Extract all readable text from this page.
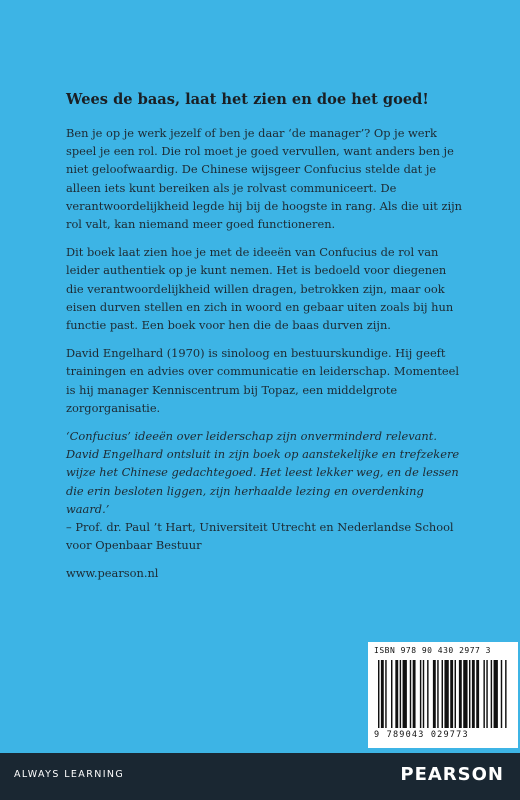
Wees de baas, laat het zien en doe het goed!

Ben je op je werk jezelf of ben je daar ‘de manager’? Op je werk speel je een rol. Die rol moet je goed vervullen, want anders ben je niet geloofwaardig. De Chinese wijsgeer Confucius stelde dat je alleen iets kunt bereiken als je rolvast communiceert. De verantwoordelijkheid legde hij bij de hoogste in rang. Als die uit zijn rol valt, kan niemand meer goed functioneren.

Dit boek laat zien hoe je met de ideeën van Confucius de rol van leider authentiek op je kunt nemen. Het is bedoeld voor diegenen die verantwoordelijkheid willen dragen, betrokken zijn, maar ook eisen durven stellen en zich in woord en gebaar uiten zoals bij hun functie past. Een boek voor hen die de baas durven zijn.

David Engelhard (1970) is sinoloog en bestuurskundige. Hij geeft trainingen en advies over communicatie en leiderschap. Momenteel is hij manager Kenniscentrum bij Topaz, een middelgrote zorgorganisatie.

‘Confucius’ ideeën over leiderschap zijn onverminderd relevant. David Engelhard ontsluit in zijn boek op aanstekelijke en trefzekere wijze het Chinese gedachtegoed. Het leest lekker weg, en de lessen die erin besloten liggen, zijn herhaalde lezing en overdenking waard.’

– Prof. dr. Paul ’t Hart, Universiteit Utrecht en Nederlandse School voor Openbaar Bestuur
www.pearson.nl
ISBN 978 90 430 2977 3
9 789043 029773
ALWAYS LEARNING	PEARSON
